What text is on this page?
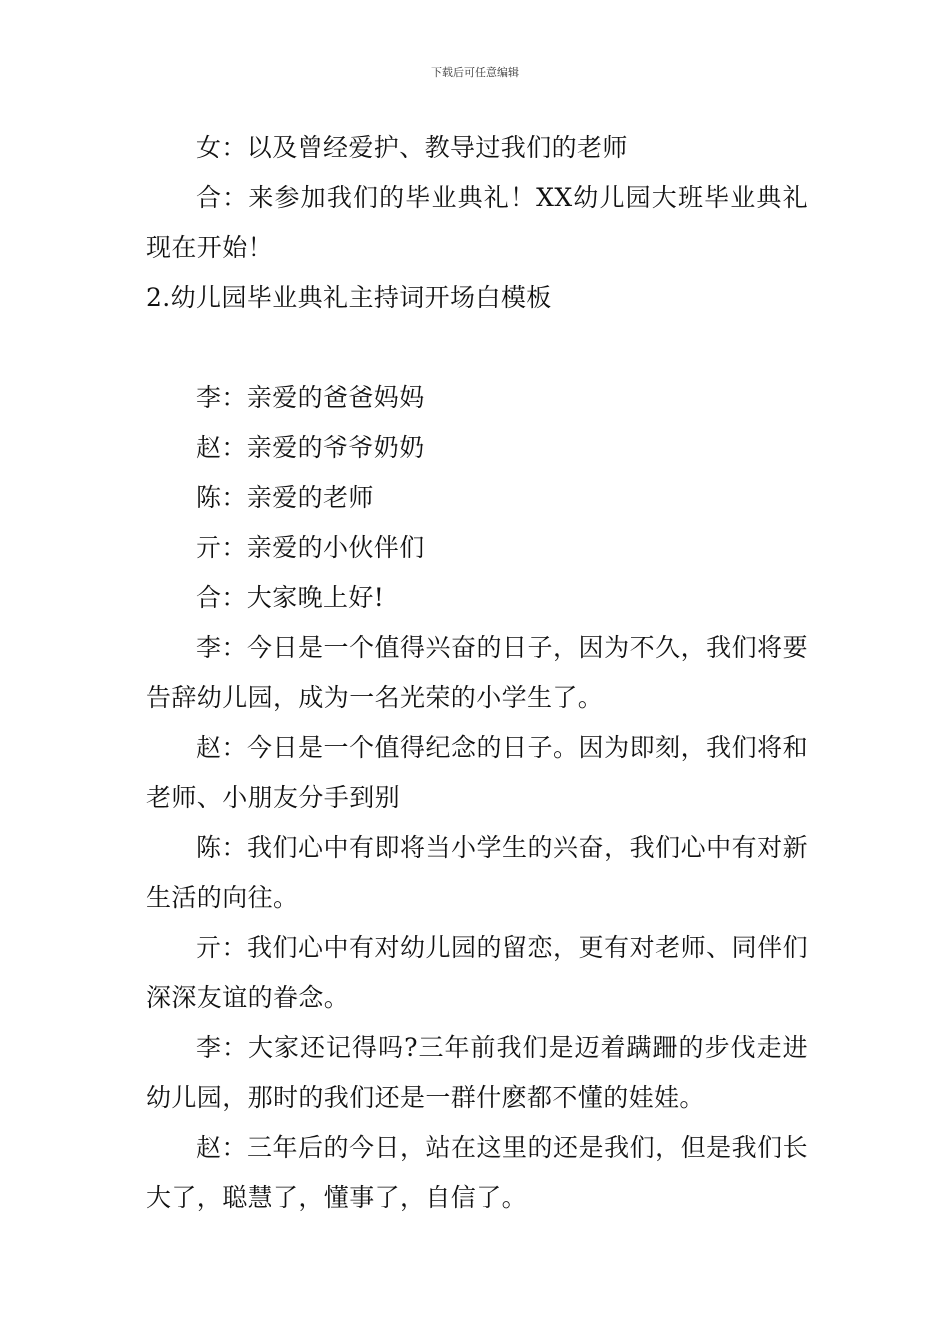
下载后可任意编辑

女：以及曾经爱护、教导过我们的老师

合：来参加我们的毕业典礼！XX幼儿园大班毕业典礼现在开始！

2.幼儿园毕业典礼主持词开场白模板

李：亲爱的爸爸妈妈

赵：亲爱的爷爷奶奶

陈：亲爱的老师

亓：亲爱的小伙伴们

合：大家晚上好!

李：今日是一个值得兴奋的日子，因为不久，我们将要告辞幼儿园，成为一名光荣的小学生了。

赵：今日是一个值得纪念的日子。因为即刻，我们将和老师、小朋友分手到别

陈：我们心中有即将当小学生的兴奋，我们心中有对新生活的向往。

亓：我们心中有对幼儿园的留恋，更有对老师、同伴们深深友谊的眷念。

李：大家还记得吗?三年前我们是迈着蹒跚的步伐走进幼儿园，那时的我们还是一群什麽都不懂的娃娃。

赵：三年后的今日，站在这里的还是我们，但是我们长大了，聪慧了，懂事了，自信了。
